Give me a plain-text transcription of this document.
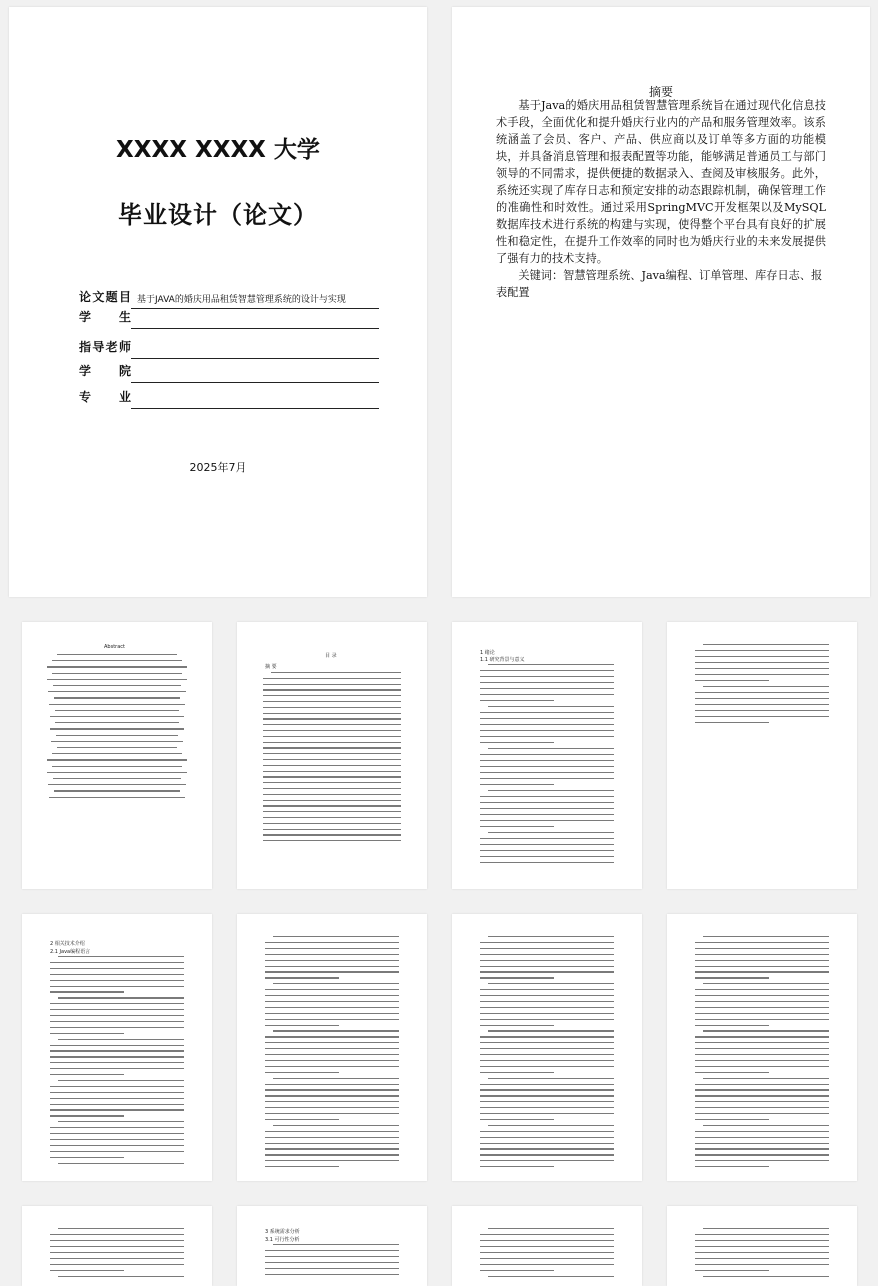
XXXX XXXX 大学
毕业设计（论文）
论文题目 基于JAVA的婚庆用品租赁智慧管理系统的设计与实现
学生
指导老师
学院
专业
2025年7月
摘要
基于Java的婚庆用品租赁智慧管理系统旨在通过现代化信息技术手段，全面优化和提升婚庆行业内的产品和服务管理效率。该系统涵盖了会员、客户、产品、供应商以及订单等多方面的功能模块，并具备消息管理和报表配置等功能，能够满足普通员工与部门领导的不同需求，提供便捷的数据录入、查阅及审核服务。此外，系统还实现了库存日志和预定安排的动态跟踪机制，确保管理工作的准确性和时效性。通过采用SpringMVC开发框架以及MySQL数据库技术进行系统的构建与实现，使得整个平台具有良好的扩展性和稳定性，在提升工作效率的同时也为婚庆行业的未来发展提供了强有力的技术支持。
关键词：智慧管理系统、Java编程、订单管理、库存日志、报表配置
Abstract
目 录
摘 要
1 绪论
1.1 研究背景与意义
2 相关技术介绍
2.1 Java编程语言
3 系统需求分析
3.1 可行性分析
